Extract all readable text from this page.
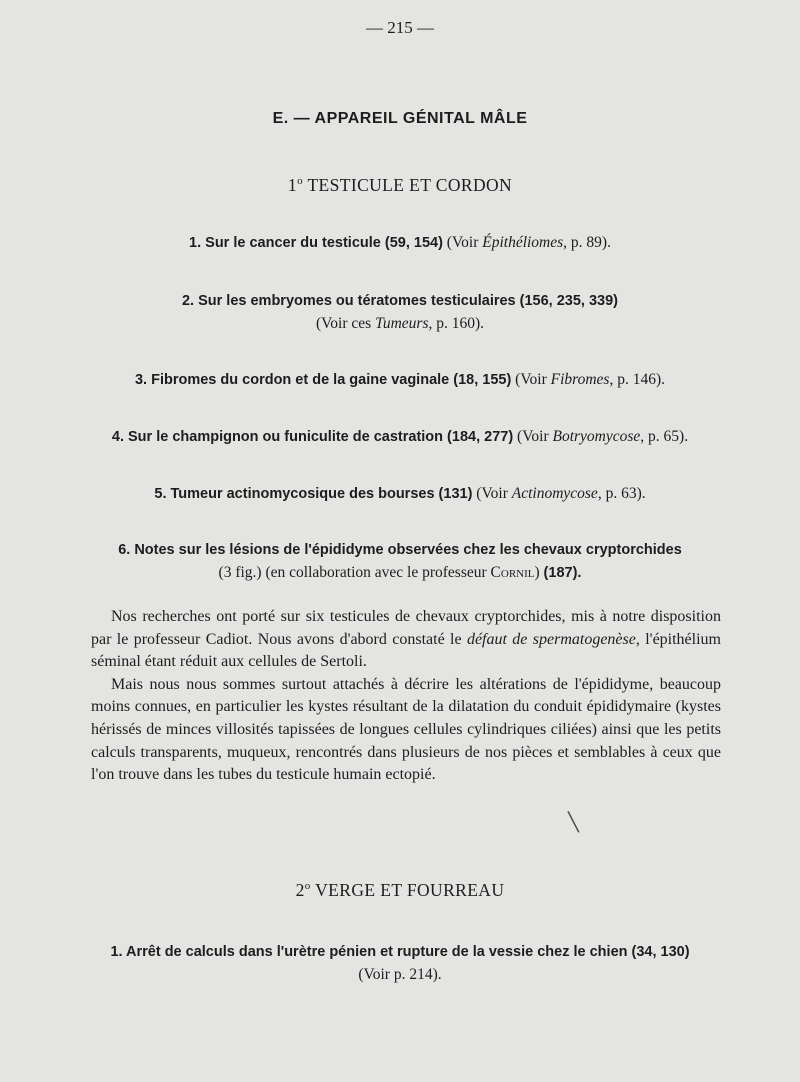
— 215 —
E. — APPAREIL GÉNITAL MÂLE
1$^o$ TESTICULE ET CORDON
1. Sur le cancer du testicule (59, 154) (Voir Épithéliomes, p. 89).
2. Sur les embryomes ou tératomes testiculaires (156, 235, 339)
(Voir ces Tumeurs, p. 160).
3. Fibromes du cordon et de la gaine vaginale (18, 155) (Voir Fibromes, p. 146).
4. Sur le champignon ou funiculite de castration (184, 277) (Voir Botryomycose, p. 65).
5. Tumeur actinomycosique des bourses (131) (Voir Actinomycose, p. 63).
6. Notes sur les lésions de l'épididyme observées chez les chevaux cryptorchides
(3 fig.) (en collaboration avec le professeur Cornil) (187).

Nos recherches ont porté sur six testicules de chevaux cryptorchides, mis à notre disposition par le professeur Cadiot. Nous avons d'abord constaté le défaut de spermatogenèse, l'épithélium séminal étant réduit aux cellules de Sertoli.

Mais nous nous sommes surtout attachés à décrire les altérations de l'épididyme, beaucoup moins connues, en particulier les kystes résultant de la dilatation du conduit épididymaire (kystes hérissés de minces villosités tapissées de longues cellules cylindriques ciliées) ainsi que les petits calculs transparents, muqueux, rencontrés dans plusieurs de nos pièces et semblables à ceux que l'on trouve dans les tubes du testicule humain ectopié.

╲
2$^o$ VERGE ET FOURREAU
1. Arrêt de calculs dans l'urètre pénien et rupture de la vessie chez le chien (34, 130)
(Voir p. 214).
